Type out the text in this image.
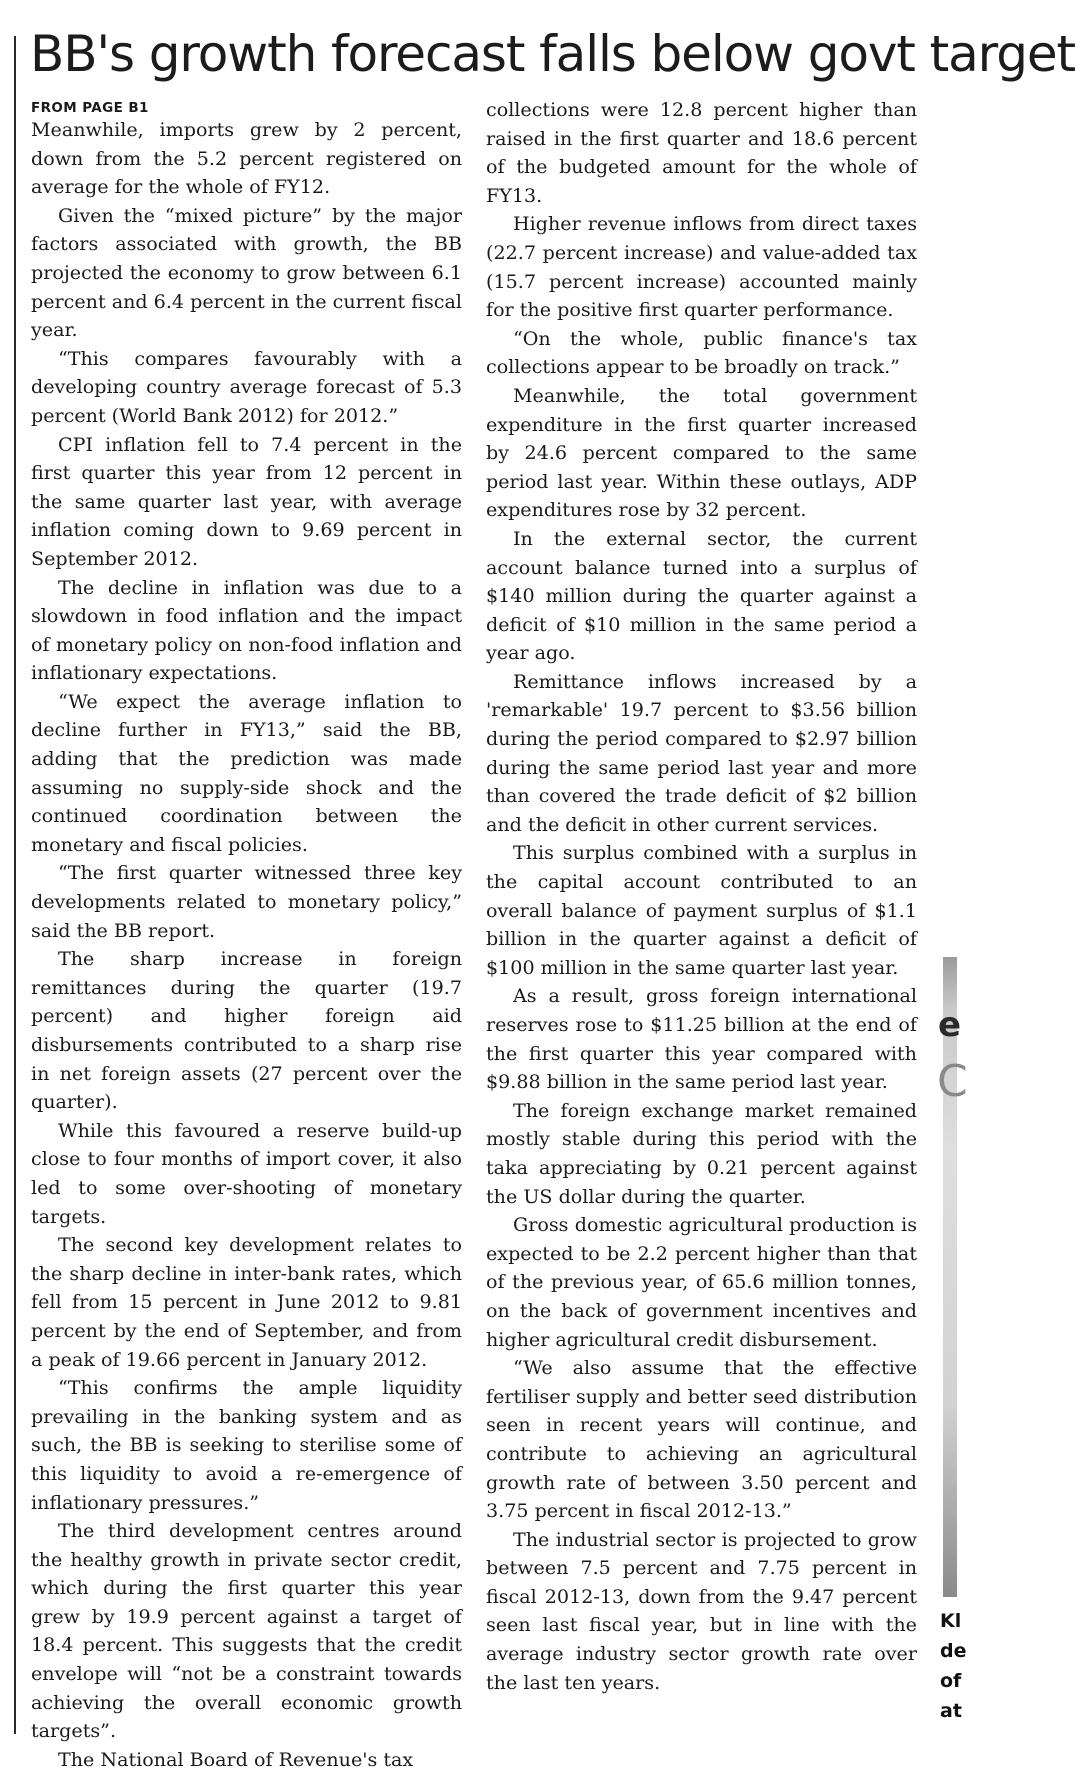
BB's growth forecast falls below govt target
FROM PAGE B1

Meanwhile, imports grew by 2 percent, down from the 5.2 percent registered on average for the whole of FY12.

Given the “mixed picture” by the major factors associated with growth, the BB projected the economy to grow between 6.1 percent and 6.4 percent in the current fiscal year.

“This compares favourably with a developing country average forecast of 5.3 percent (World Bank 2012) for 2012.”

CPI inflation fell to 7.4 percent in the first quarter this year from 12 percent in the same quarter last year, with average inflation coming down to 9.69 percent in September 2012.

The decline in inflation was due to a slowdown in food inflation and the impact of monetary policy on non-food inflation and inflationary expectations.

“We expect the average inflation to decline further in FY13,” said the BB, adding that the prediction was made assuming no supply-side shock and the continued coordination between the monetary and fiscal policies.

“The first quarter witnessed three key developments related to monetary policy,” said the BB report.

The sharp increase in foreign remittances during the quarter (19.7 percent) and higher foreign aid disbursements contributed to a sharp rise in net foreign assets (27 percent over the quarter).

While this favoured a reserve build-up close to four months of import cover, it also led to some over-shooting of monetary targets.

The second key development relates to the sharp decline in inter-bank rates, which fell from 15 percent in June 2012 to 9.81 percent by the end of September, and from a peak of 19.66 percent in January 2012.

“This confirms the ample liquidity prevailing in the banking system and as such, the BB is seeking to sterilise some of this liquidity to avoid a re-emergence of inflationary pressures.”

The third development centres around the healthy growth in private sector credit, which during the first quarter this year grew by 19.9 percent against a target of 18.4 percent. This suggests that the credit envelope will “not be a constraint towards achieving the overall economic growth targets”.

The National Board of Revenue's tax

collections were 12.8 percent higher than raised in the first quarter and 18.6 percent of the budgeted amount for the whole of FY13.

Higher revenue inflows from direct taxes (22.7 percent increase) and value-added tax (15.7 percent increase) accounted mainly for the positive first quarter performance.

“On the whole, public finance's tax collections appear to be broadly on track.”

Meanwhile, the total government expenditure in the first quarter increased by 24.6 percent compared to the same period last year. Within these outlays, ADP expenditures rose by 32 percent.

In the external sector, the current account balance turned into a surplus of $140 million during the quarter against a deficit of $10 million in the same period a year ago.

Remittance inflows increased by a 'remarkable' 19.7 percent to $3.56 billion during the period compared to $2.97 billion during the same period last year and more than covered the trade deficit of $2 billion and the deficit in other current services.

This surplus combined with a surplus in the capital account contributed to an overall balance of payment surplus of $1.1 billion in the quarter against a deficit of $100 million in the same quarter last year.

As a result, gross foreign international reserves rose to $11.25 billion at the end of the first quarter this year compared with $9.88 billion in the same period last year.

The foreign exchange market remained mostly stable during this period with the taka appreciating by 0.21 percent against the US dollar during the quarter.

Gross domestic agricultural production is expected to be 2.2 percent higher than that of the previous year, of 65.6 million tonnes, on the back of government incentives and higher agricultural credit disbursement.

“We also assume that the effective fertiliser supply and better seed distribution seen in recent years will continue, and contribute to achieving an agricultural growth rate of between 3.50 percent and 3.75 percent in fiscal 2012-13.”

The industrial sector is projected to grow between 7.5 percent and 7.75 percent in fiscal 2012-13, down from the 9.47 percent seen last fiscal year, but in line with the average industry sector growth rate over the last ten years.

e
C
Kl
de
of
at
